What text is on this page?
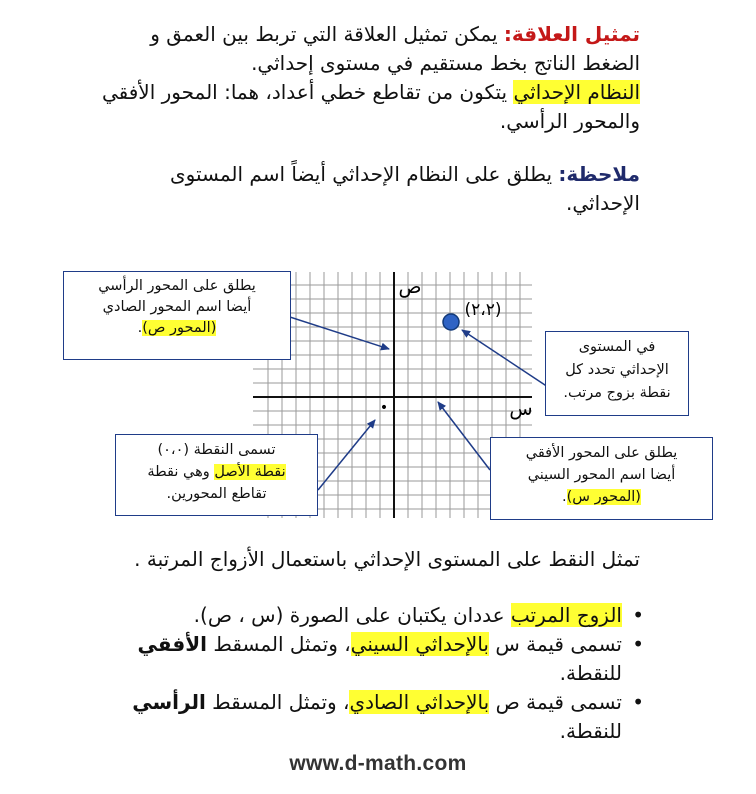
تمثيل العلاقة: يمكن تمثيل العلاقة التي تربط بين العمق و الضغط الناتج بخط مستقيم في مستوى إحداثي.
النظام الإحداثي يتكون من تقاطع خطي أعداد، هما: المحور الأفقي والمحور الرأسي.
ملاحظة: يطلق على النظام الإحداثي أيضاً اسم المستوى الإحداثي.
(٢،٢)
ص
س
•
يطلق على المحور الرأسي
أيضا اسم المحور الصادي
(المحور ص).
في المستوى
الإحداثي تحدد كل
نقطة بزوج مرتب.
تسمى النقطة (٠،٠)
نقطة الأصل وهي نقطة
تقاطع المحورين.
يطلق على المحور الأفقي
أيضا اسم المحور السيني
(المحور س).
تمثل النقط على المستوى الإحداثي باستعمال الأزواج المرتبة .
• الزوج المرتب عددان يكتبان على الصورة (س ، ص).
• تسمى قيمة س بالإحداثي السيني، وتمثل المسقط الأفقي للنقطة.
• تسمى قيمة ص بالإحداثي الصادي، وتمثل المسقط الرأسي للنقطة.
www.d-math.com
